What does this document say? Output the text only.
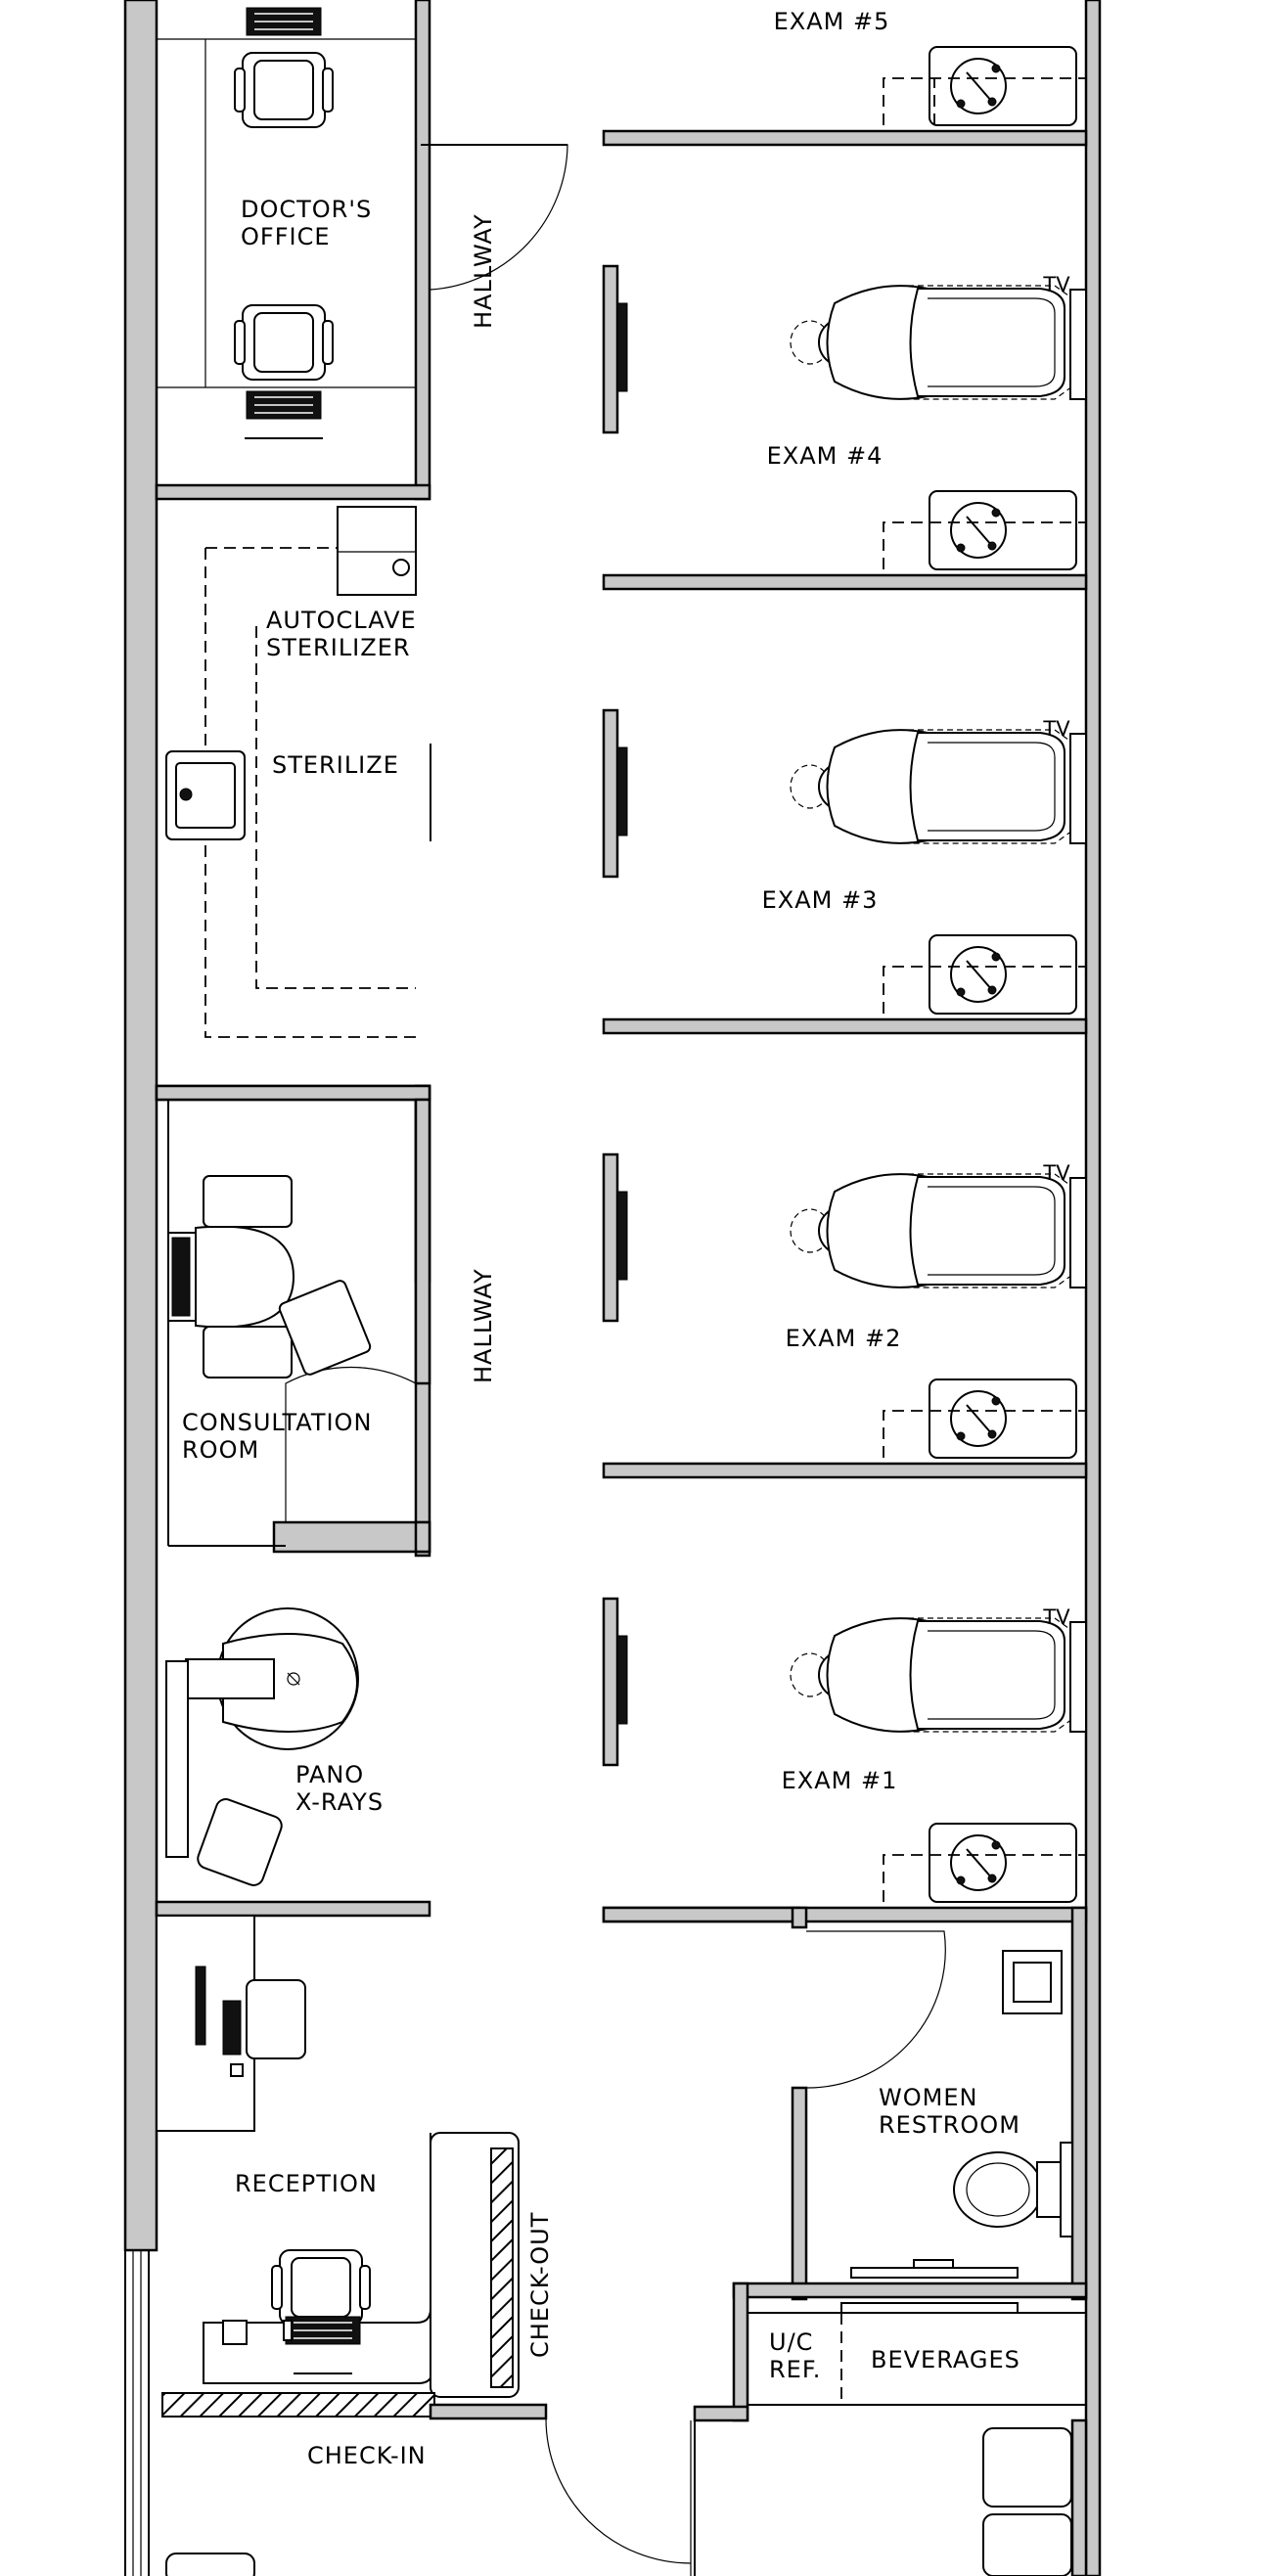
EXAM #5
EXAM #4
EXAM #3
EXAM #2
EXAM #1
TV
TV
TV
TV
DOCTOR'S
OFFICE
AUTOCLAVE
STERILIZER
STERILIZE
CONSULTATION
ROOM
PANO
X-RAYS
RECEPTION
CHECK-OUT
CHECK-IN
WOMEN
RESTROOM
U/C
REF. BEVERAGES
HALLWAY
HALLWAY
